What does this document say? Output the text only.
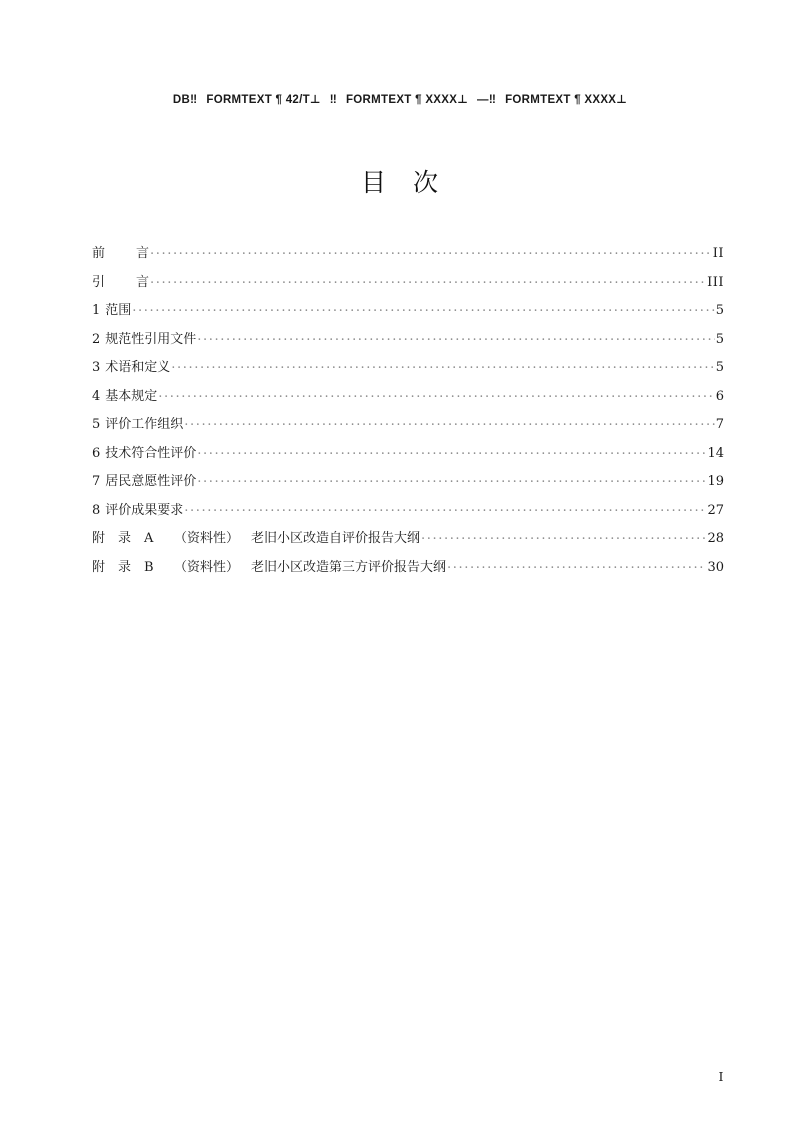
DB‼ FORMTEXT ¶ 42/T⊥ ‼ FORMTEXT ¶ XXXX⊥ —‼ FORMTEXT ¶ XXXX⊥
目 次
前 言 .....	II
引 言 .....	III
1 范围 .....	5
2 规范性引用文件 .....	5
3 术语和定义 .....	5
4 基本规定 .....	6
5 评价工作组织 .....	7
6 技术符合性评价 .....	14
7 居民意愿性评价 .....	19
8 评价成果要求 .....	27
附 录 A （资料性） 老旧小区改造自评价报告大纲 .....	28
附 录 B （资料性） 老旧小区改造第三方评价报告大纲 .....	30
I
